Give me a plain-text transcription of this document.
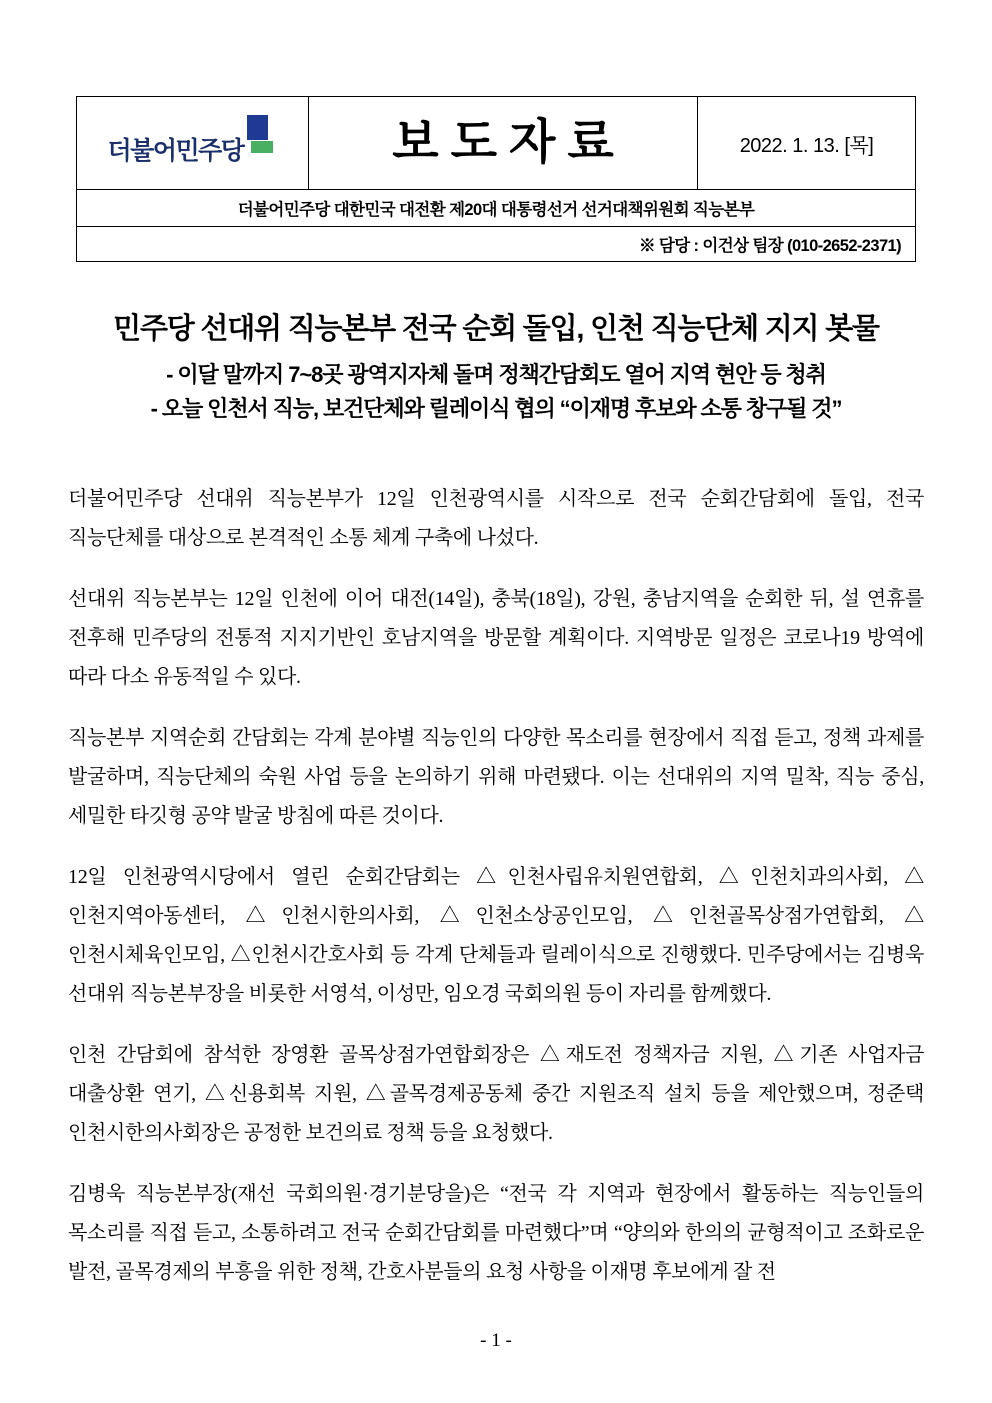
더불어민주당	보도자료	2022. 1. 13. [목]

더불어민주당 대한민국 대전환 제20대 대통령선거 선거대책위원회 직능본부
※ 담당 : 이건상 팀장 (010-2652-2371)
민주당 선대위 직능본부 전국 순회 돌입, 인천 직능단체 지지 봇물
- 이달 말까지 7~8곳 광역지자체 돌며 정책간담회도 열어 지역 현안 등 청취
- 오늘 인천서 직능, 보건단체와 릴레이식 협의 “이재명 후보와 소통 창구될 것”

더불어민주당 선대위 직능본부가 12일 인천광역시를 시작으로 전국 순회간담회에 돌입, 전국 직능단체를 대상으로 본격적인 소통 체계 구축에 나섰다.

선대위 직능본부는 12일 인천에 이어 대전(14일), 충북(18일), 강원, 충남지역을 순회한 뒤, 설 연휴를 전후해 민주당의 전통적 지지기반인 호남지역을 방문할 계획이다. 지역방문 일정은 코로나19 방역에 따라 다소 유동적일 수 있다.

직능본부 지역순회 간담회는 각계 분야별 직능인의 다양한 목소리를 현장에서 직접 듣고, 정책 과제를 발굴하며, 직능단체의 숙원 사업 등을 논의하기 위해 마련됐다. 이는 선대위의 지역 밀착, 직능 중심, 세밀한 타깃형 공약 발굴 방침에 따른 것이다.

12일 인천광역시당에서 열린 순회간담회는 △인천사립유치원연합회, △인천치과의사회, △인천지역아동센터, △인천시한의사회, △인천소상공인모임, △인천골목상점가연합회, △인천시체육인모임, △인천시간호사회 등 각계 단체들과 릴레이식으로 진행했다. 민주당에서는 김병욱 선대위 직능본부장을 비롯한 서영석, 이성만, 임오경 국회의원 등이 자리를 함께했다.

인천 간담회에 참석한 장영환 골목상점가연합회장은 △재도전 정책자금 지원, △기존 사업자금 대출상환 연기, △신용회복 지원, △골목경제공동체 중간 지원조직 설치 등을 제안했으며, 정준택 인천시한의사회장은 공정한 보건의료 정책 등을 요청했다.

김병욱 직능본부장(재선 국회의원·경기분당을)은 “전국 각 지역과 현장에서 활동하는 직능인들의 목소리를 직접 듣고, 소통하려고 전국 순회간담회를 마련했다”며 “양의와 한의의 균형적이고 조화로운 발전, 골목경제의 부흥을 위한 정책, 간호사분들의 요청 사항을 이재명 후보에게 잘 전

- 1 -
